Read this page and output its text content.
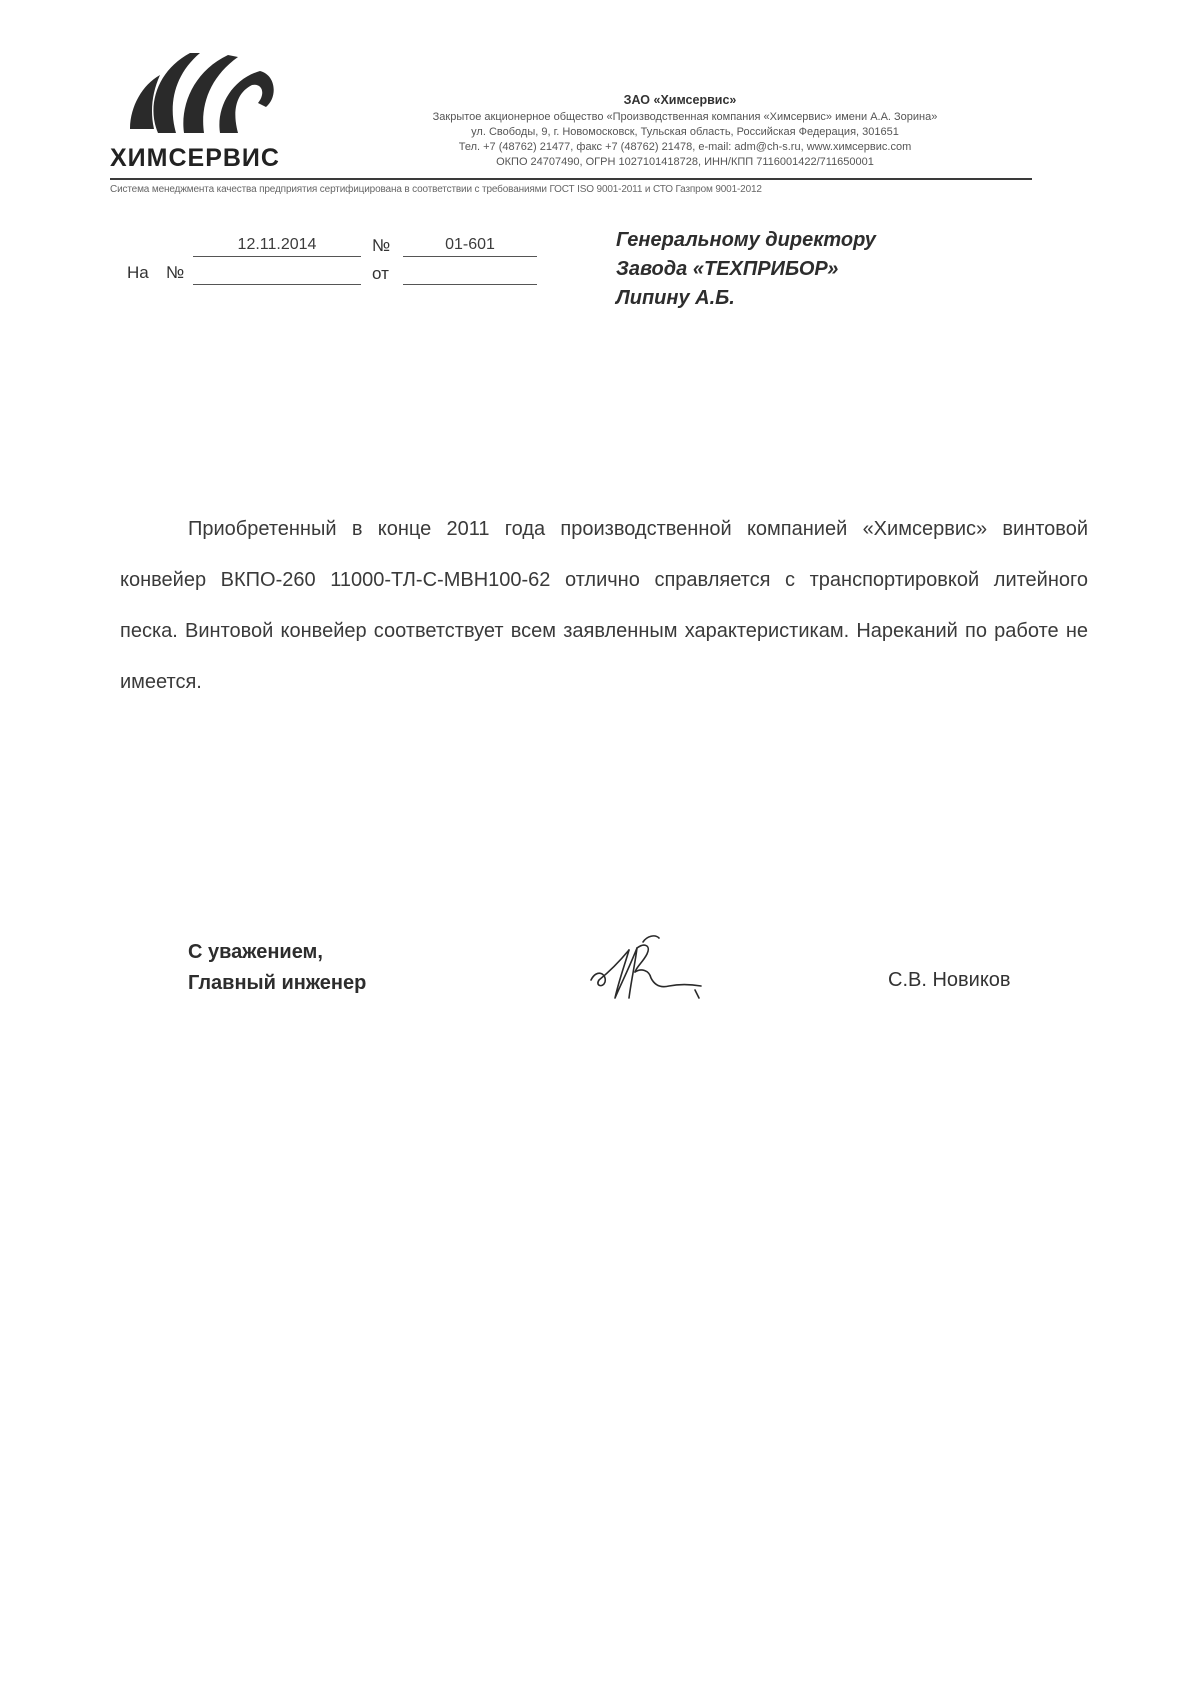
ХИМСЕРВИС
ЗАО «Химсервис»
Закрытое акционерное общество «Производственная компания «Химсервис» имени А.А. Зорина»
ул. Свободы, 9, г. Новомосковск, Тульская область, Российская Федерация, 301651
Тел. +7 (48762) 21477, факс +7 (48762) 21478, e-mail: adm@ch-s.ru, www.химсервис.com
ОКПО 24707490, ОГРН 1027101418728, ИНН/КПП 7116001422/711650001
Система менеджмента качества предприятия сертифицирована в соответствии с требованиями ГОСТ ISO 9001-2011 и СТО Газпром 9001-2012
12.11.2014	№	01-601
На №	от
Генеральному директору
Завода «ТЕХПРИБОР»
Липину А.Б.
Приобретенный в конце 2011 года производственной компанией «Химсервис» винтовой конвейер ВКПО-260 11000-ТЛ-С-МВН100-62 отлично справляется с транспортировкой литейного песка. Винтовой конвейер соответствует всем заявленным характеристикам. Нареканий по работе не имеется.
С уважением,
Главный инженер	С.В. Новиков
